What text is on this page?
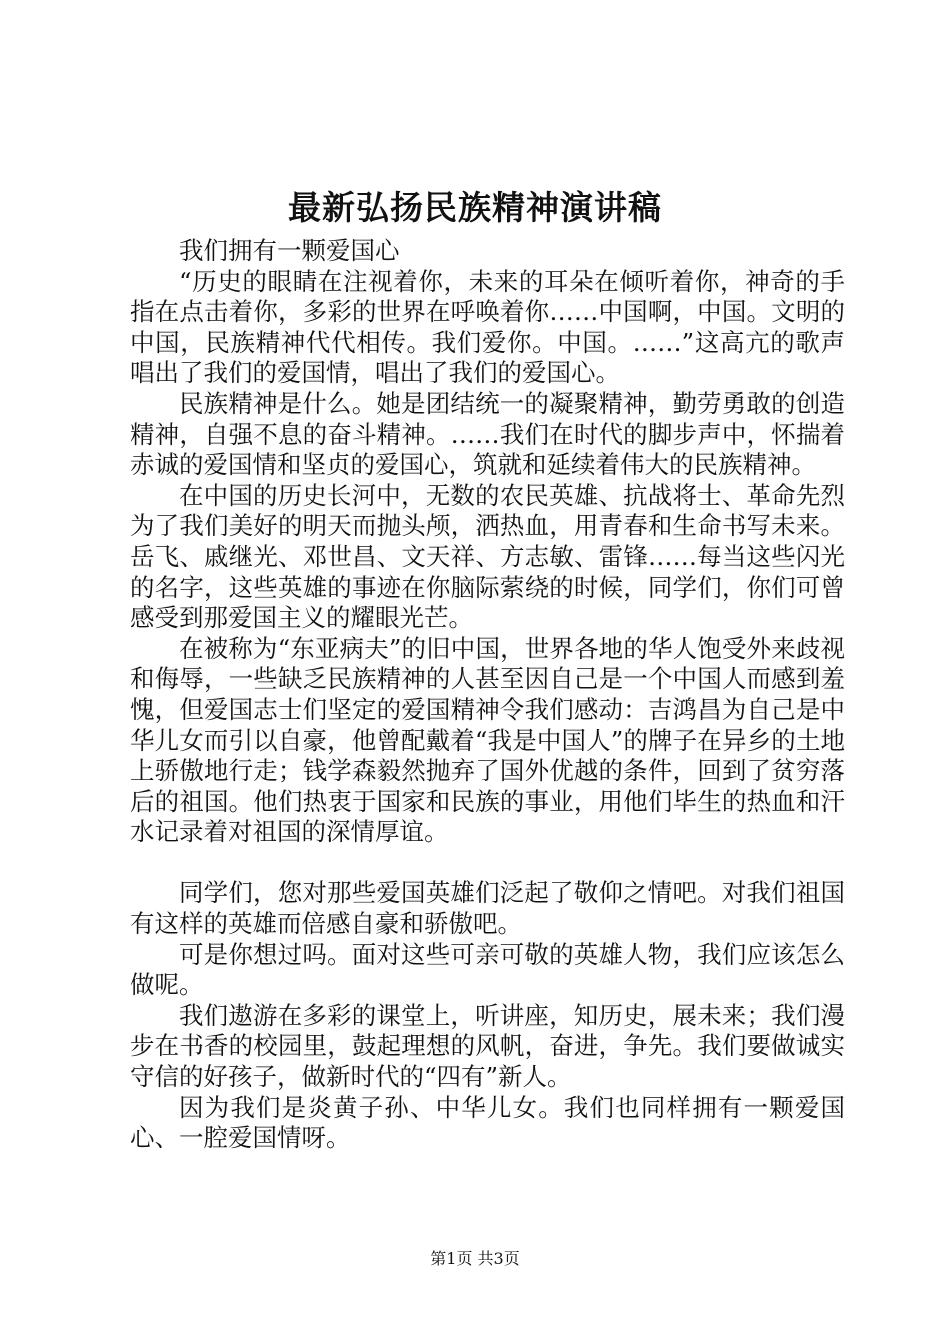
最新弘扬民族精神演讲稿

我们拥有一颗爱国心

“历史的眼睛在注视着你，未来的耳朵在倾听着你，神奇的手指在点击着你，多彩的世界在呼唤着你……中国啊，中国。文明的中国，民族精神代代相传。我们爱你。中国。……”这高亢的歌声唱出了我们的爱国情，唱出了我们的爱国心。

民族精神是什么。她是团结统一的凝聚精神，勤劳勇敢的创造精神，自强不息的奋斗精神。……我们在时代的脚步声中，怀揣着赤诚的爱国情和坚贞的爱国心，筑就和延续着伟大的民族精神。

在中国的历史长河中，无数的农民英雄、抗战将士、革命先烈为了我们美好的明天而抛头颅，洒热血，用青春和生命书写未来。岳飞、戚继光、邓世昌、文天祥、方志敏、雷锋……每当这些闪光的名字，这些英雄的事迹在你脑际萦绕的时候，同学们，你们可曾感受到那爱国主义的耀眼光芒。

在被称为“东亚病夫”的旧中国，世界各地的华人饱受外来歧视和侮辱，一些缺乏民族精神的人甚至因自己是一个中国人而感到羞愧，但爱国志士们坚定的爱国精神令我们感动：吉鸿昌为自己是中华儿女而引以自豪，他曾配戴着“我是中国人”的牌子在异乡的土地上骄傲地行走；钱学森毅然抛弃了国外优越的条件，回到了贫穷落后的祖国。他们热衷于国家和民族的事业，用他们毕生的热血和汗水记录着对祖国的深情厚谊。

同学们，您对那些爱国英雄们泛起了敬仰之情吧。对我们祖国有这样的英雄而倍感自豪和骄傲吧。

可是你想过吗。面对这些可亲可敬的英雄人物，我们应该怎么做呢。

我们遨游在多彩的课堂上，听讲座，知历史，展未来；我们漫步在书香的校园里，鼓起理想的风帆，奋进，争先。我们要做诚实守信的好孩子，做新时代的“四有”新人。

因为我们是炎黄子孙、中华儿女。我们也同样拥有一颗爱国心、一腔爱国情呀。

第1页 共3页
